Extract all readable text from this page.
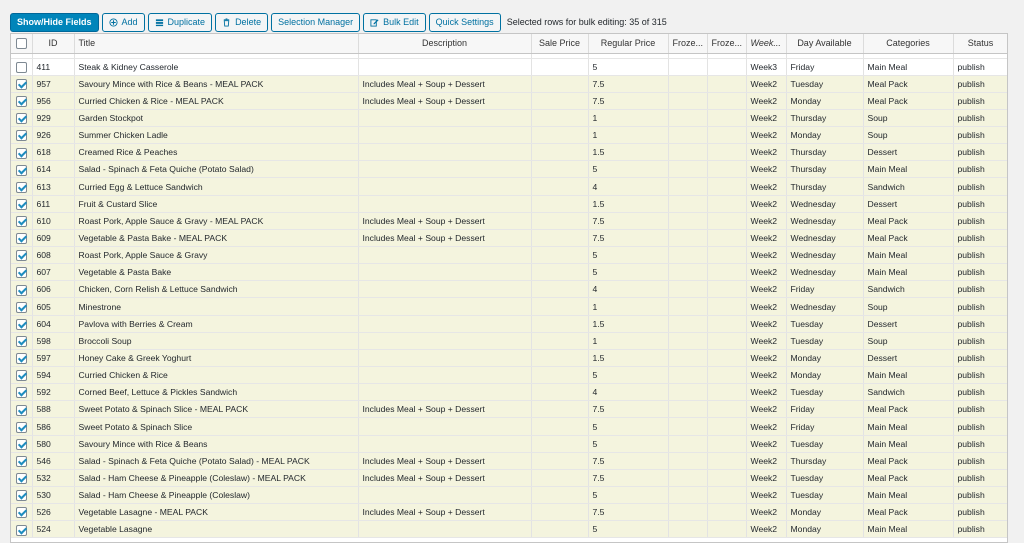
Show/Hide Fields	Add	Duplicate	Delete Selection Manager	Bulk Edit Quick Settings Selected rows for bulk editing: 35 of 315
	ID	Title	Description	Sale Price	Regular Price	Froze...	Froze...	Week...	Day Available	Categories	Status

	411	Steak & Kidney Casserole			5			Week3	Friday	Main Meal	publish
	957	Savoury Mince with Rice & Beans - MEAL PACK	Includes Meal + Soup + Dessert		7.5			Week2	Tuesday	Meal Pack	publish
	956	Curried Chicken & Rice - MEAL PACK	Includes Meal + Soup + Dessert		7.5			Week2	Monday	Meal Pack	publish
	929	Garden Stockpot			1			Week2	Thursday	Soup	publish
	926	Summer Chicken Ladle			1			Week2	Monday	Soup	publish
	618	Creamed Rice & Peaches			1.5			Week2	Thursday	Dessert	publish
	614	Salad - Spinach & Feta Quiche (Potato Salad)			5			Week2	Thursday	Main Meal	publish
	613	Curried Egg & Lettuce Sandwich			4			Week2	Thursday	Sandwich	publish
	611	Fruit & Custard Slice			1.5			Week2	Wednesday	Dessert	publish
	610	Roast Pork, Apple Sauce & Gravy - MEAL PACK	Includes Meal + Soup + Dessert		7.5			Week2	Wednesday	Meal Pack	publish
	609	Vegetable & Pasta Bake - MEAL PACK	Includes Meal + Soup + Dessert		7.5			Week2	Wednesday	Meal Pack	publish
	608	Roast Pork, Apple Sauce & Gravy			5			Week2	Wednesday	Main Meal	publish
	607	Vegetable & Pasta Bake			5			Week2	Wednesday	Main Meal	publish
	606	Chicken, Corn Relish & Lettuce Sandwich			4			Week2	Friday	Sandwich	publish
	605	Minestrone			1			Week2	Wednesday	Soup	publish
	604	Pavlova with Berries & Cream			1.5			Week2	Tuesday	Dessert	publish
	598	Broccoli Soup			1			Week2	Tuesday	Soup	publish
	597	Honey Cake & Greek Yoghurt			1.5			Week2	Monday	Dessert	publish
	594	Curried Chicken & Rice			5			Week2	Monday	Main Meal	publish
	592	Corned Beef, Lettuce & Pickles Sandwich			4			Week2	Tuesday	Sandwich	publish
	588	Sweet Potato & Spinach Slice - MEAL PACK	Includes Meal + Soup + Dessert		7.5			Week2	Friday	Meal Pack	publish
	586	Sweet Potato & Spinach Slice			5			Week2	Friday	Main Meal	publish
	580	Savoury Mince with Rice & Beans			5			Week2	Tuesday	Main Meal	publish
	546	Salad - Spinach & Feta Quiche (Potato Salad) - MEAL PACK	Includes Meal + Soup + Dessert		7.5			Week2	Thursday	Meal Pack	publish
	532	Salad - Ham Cheese & Pineapple (Coleslaw) - MEAL PACK	Includes Meal + Soup + Dessert		7.5			Week2	Tuesday	Meal Pack	publish
	530	Salad - Ham Cheese & Pineapple (Coleslaw)			5			Week2	Tuesday	Main Meal	publish
	526	Vegetable Lasagne - MEAL PACK	Includes Meal + Soup + Dessert		7.5			Week2	Monday	Meal Pack	publish
	524	Vegetable Lasagne			5			Week2	Monday	Main Meal	publish
